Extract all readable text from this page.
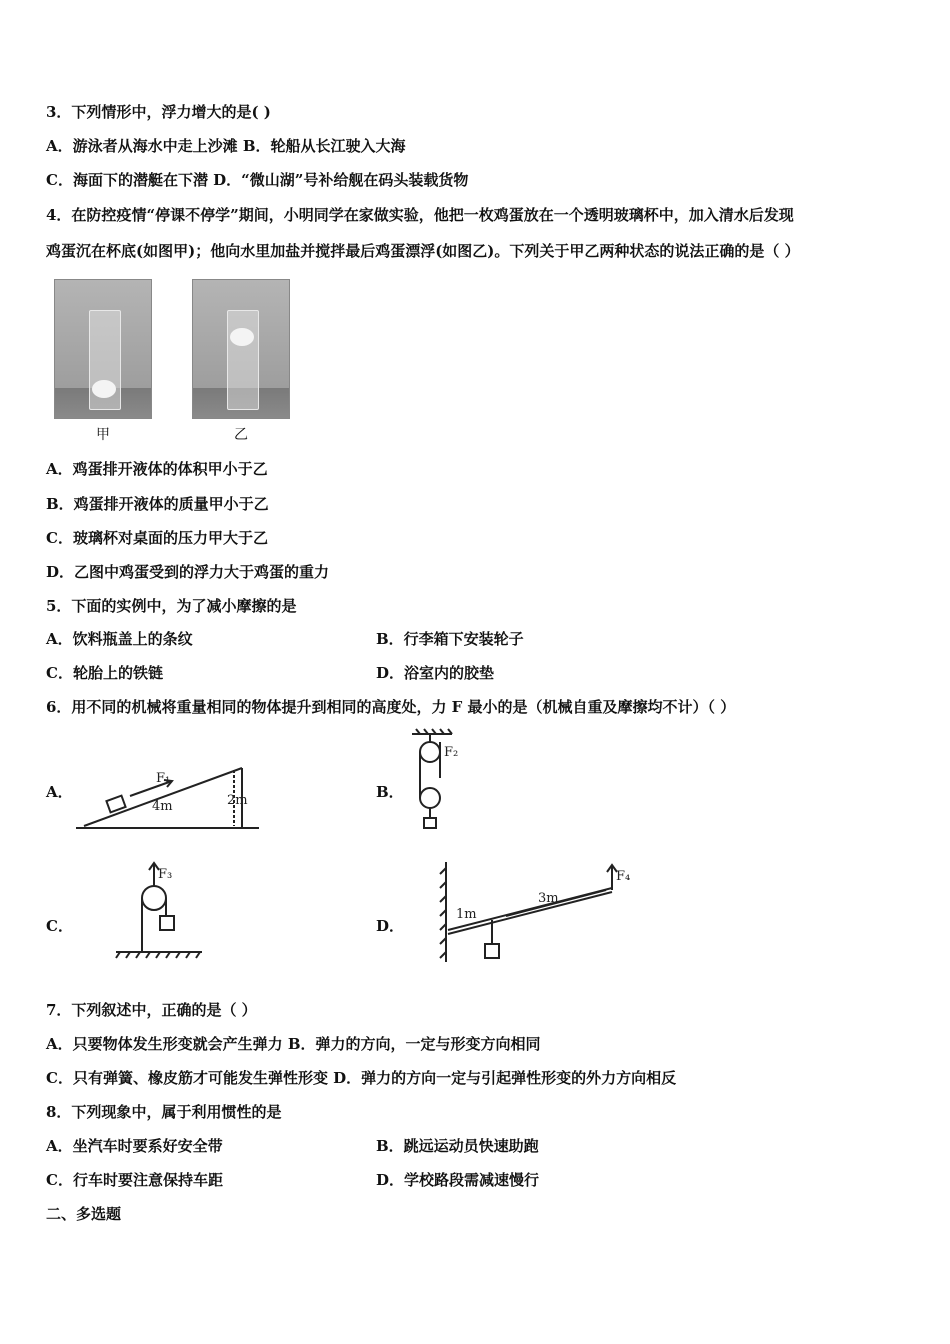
3．下列情形中，浮力增大的是( )
A．游泳者从海水中走上沙滩 B．轮船从长江驶入大海
C．海面下的潜艇在下潜 D．“微山湖”号补给舰在码头装载货物
4．在防控疫情“停课不停学”期间，小明同学在家做实验，他把一枚鸡蛋放在一个透明玻璃杯中，加入清水后发现
鸡蛋沉在杯底(如图甲)；他向水里加盐并搅拌最后鸡蛋漂浮(如图乙)。下列关于甲乙两种状态的说法正确的是（ ）
甲	乙
A．鸡蛋排开液体的体积甲小于乙
B．鸡蛋排开液体的质量甲小于乙
C．玻璃杯对桌面的压力甲大于乙
D．乙图中鸡蛋受到的浮力大于鸡蛋的重力
5．下面的实例中，为了减小摩擦的是
A．饮料瓶盖上的条纹	B．行李箱下安装轮子
C．轮胎上的铁链	D．浴室内的胶垫
6．用不同的机械将重量相同的物体提升到相同的高度处，力 F 最小的是（机械自重及摩擦均不计）（ ）
A．
F₁
4m	2m	B．
F₂
C．
F₃
D．
1m
3m
F₄
7．下列叙述中，正确的是（ ）
A．只要物体发生形变就会产生弹力 B．弹力的方向，一定与形变方向相同
C．只有弹簧、橡皮筋才可能发生弹性形变 D．弹力的方向一定与引起弹性形变的外力方向相反
8．下列现象中，属于利用惯性的是
A．坐汽车时要系好安全带	B．跳远运动员快速助跑
C．行车时要注意保持车距	D．学校路段需减速慢行
二、多选题
